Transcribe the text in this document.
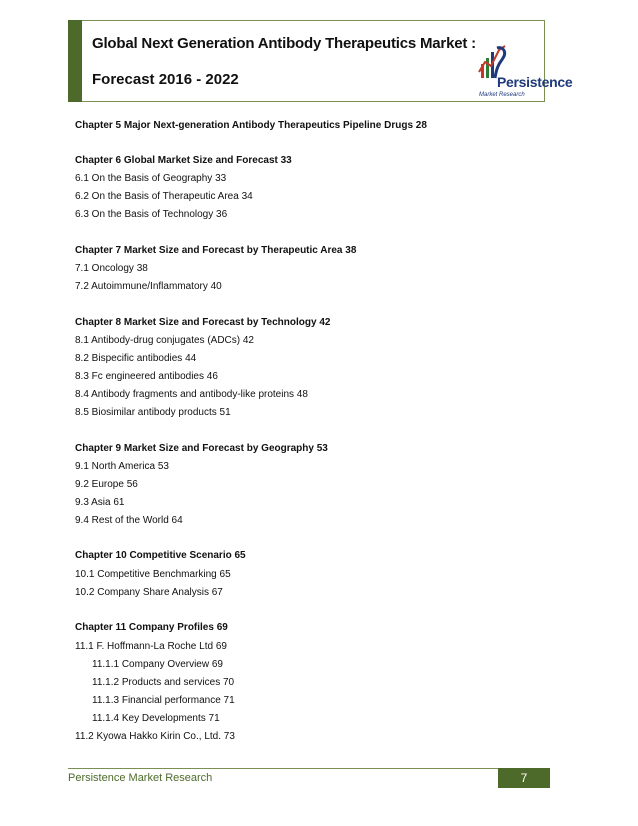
Global Next Generation Antibody Therapeutics Market :
Forecast 2016 - 2022	Persistence
Market Research
Chapter 5 Major Next-generation Antibody Therapeutics Pipeline Drugs 28
Chapter 6 Global Market Size and Forecast 33
6.1 On the Basis of Geography 33
6.2 On the Basis of Therapeutic Area 34
6.3 On the Basis of Technology 36
Chapter 7 Market Size and Forecast by Therapeutic Area 38
7.1 Oncology 38
7.2 Autoimmune/Inflammatory 40
Chapter 8 Market Size and Forecast by Technology 42
8.1 Antibody-drug conjugates (ADCs) 42
8.2 Bispecific antibodies 44
8.3 Fc engineered antibodies 46
8.4 Antibody fragments and antibody-like proteins 48
8.5 Biosimilar antibody products 51
Chapter 9 Market Size and Forecast by Geography 53
9.1 North America 53
9.2 Europe 56
9.3 Asia 61
9.4 Rest of the World 64
Chapter 10 Competitive Scenario 65
10.1 Competitive Benchmarking 65
10.2 Company Share Analysis 67
Chapter 11 Company Profiles 69
11.1 F. Hoffmann-La Roche Ltd 69
11.1.1 Company Overview 69
11.1.2 Products and services 70
11.1.3 Financial performance 71
11.1.4 Key Developments 71
11.2 Kyowa Hakko Kirin Co., Ltd. 73
Persistence Market Research	7
